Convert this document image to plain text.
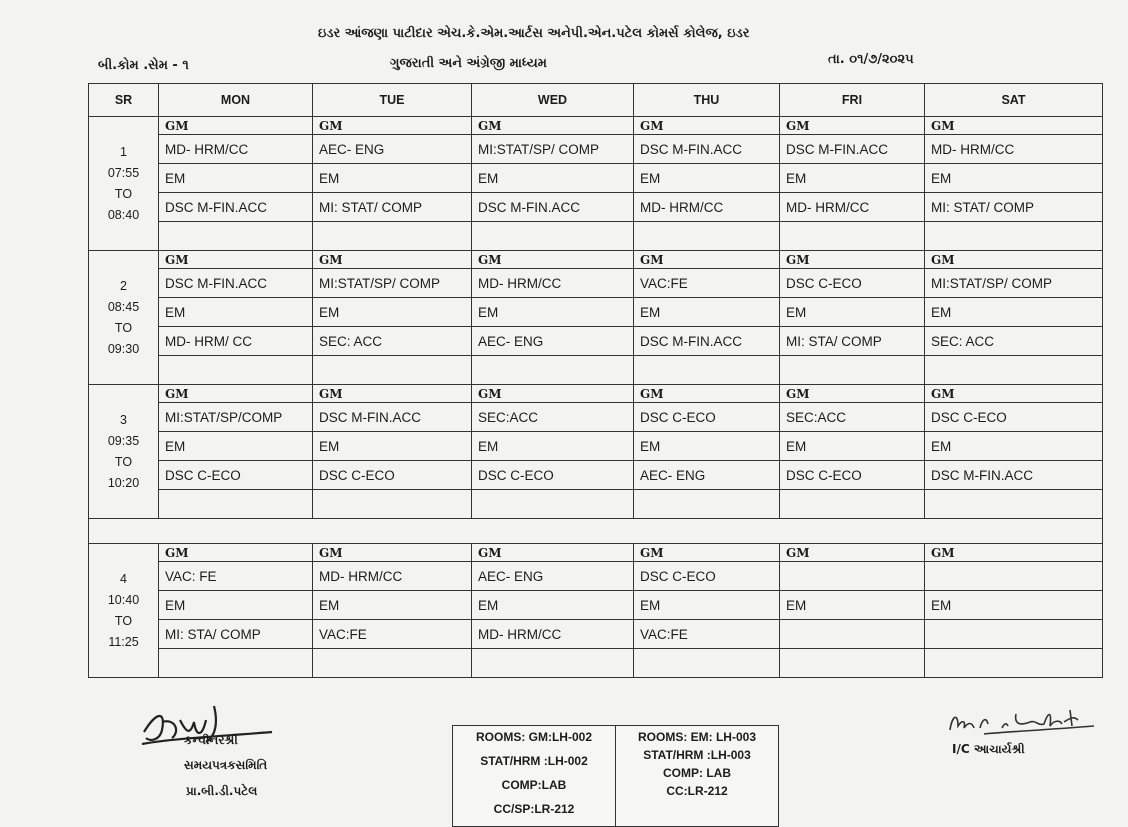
ઇડર આંજણા પાટીદાર એચ.કે.એમ.આર્ટસ અનેપી.એન.પટેલ કોમર્સ કોલેજ, ઇડર
બી.કોમ .સેમ - ૧	ગુજરાતી અને અંગ્રેજી માધ્યમ	તા. ૦૧/૭/૨૦૨૫
SR	MON	TUE	WED	THU	FRI	SAT

1
07:55
TO
08:40	GM	GM	GM	GM	GM	GM
	MD- HRM/CC	AEC- ENG	MI:STAT/SP/ COMP	DSC M-FIN.ACC	DSC M-FIN.ACC	MD- HRM/CC
	EM	EM	EM	EM	EM	EM
	DSC M-FIN.ACC	MI: STAT/ COMP	DSC M-FIN.ACC	MD- HRM/CC	MD- HRM/CC	MI: STAT/ COMP

2
08:45
TO
09:30	GM	GM	GM	GM	GM	GM
	DSC M-FIN.ACC	MI:STAT/SP/ COMP	MD- HRM/CC	VAC:FE	DSC C-ECO	MI:STAT/SP/ COMP
	EM	EM	EM	EM	EM	EM
	MD- HRM/ CC	SEC: ACC	AEC- ENG	DSC M-FIN.ACC	MI: STA/ COMP	SEC: ACC

3
09:35
TO
10:20	GM	GM	GM	GM	GM	GM
	MI:STAT/SP/COMP	DSC M-FIN.ACC	SEC:ACC	DSC C-ECO	SEC:ACC	DSC C-ECO
	EM	EM	EM	EM	EM	EM
	DSC C-ECO	DSC C-ECO	DSC C-ECO	AEC- ENG	DSC C-ECO	DSC M-FIN.ACC

4
10:40
TO
11:25	GM	GM	GM	GM	GM	GM
	VAC: FE	MD- HRM/CC	AEC- ENG	DSC C-ECO		
	EM	EM	EM	EM	EM	EM
	MI: STA/ COMP	VAC:FE	MD- HRM/CC	VAC:FE		

કન્વીનરશ્રી
સમયપત્રકસમિતિ
પ્રા.બી.ડી.પટેલ
ROOMS: GM:LH-002
STAT/HRM :LH-002
COMP:LAB
CC/SP:LR-212
ROOMS: EM: LH-003
STAT/HRM :LH-003
COMP: LAB
CC:LR-212
I/C આચાર્યશ્રી
